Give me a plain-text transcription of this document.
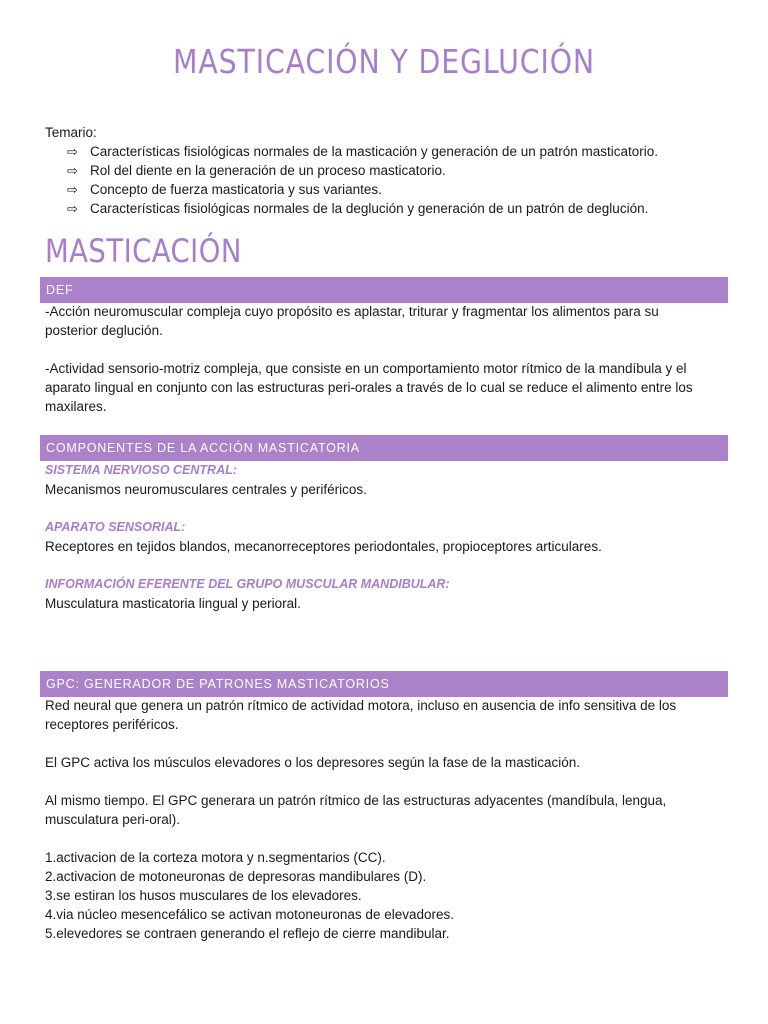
MASTICACIÓN Y DEGLUCIÓN
Temario:
⇨ Características fisiológicas normales de la masticación y generación de un patrón masticatorio.
⇨ Rol del diente en la generación de un proceso masticatorio.
⇨ Concepto de fuerza masticatoria y sus variantes.
⇨ Características fisiológicas normales de la deglución y generación de un patrón de deglución.
MASTICACIÓN
DEF

-Acción neuromuscular compleja cuyo propósito es aplastar, triturar y fragmentar los alimentos para su posterior deglución.

-Actividad sensorio-motriz compleja, que consiste en un comportamiento motor rítmico de la mandíbula y el aparato lingual en conjunto con las estructuras peri-orales a través de lo cual se reduce el alimento entre los maxilares.

COMPONENTES DE LA ACCIÓN MASTICATORIA

SISTEMA NERVIOSO CENTRAL:

Mecanismos neuromusculares centrales y periféricos.

APARATO SENSORIAL:

Receptores en tejidos blandos, mecanorreceptores periodontales, propioceptores articulares.

INFORMACIÓN EFERENTE DEL GRUPO MUSCULAR MANDIBULAR:

Musculatura masticatoria lingual y perioral.

GPC: GENERADOR DE PATRONES MASTICATORIOS

Red neural que genera un patrón rítmico de actividad motora, incluso en ausencia de info sensitiva de los receptores periféricos.

El GPC activa los músculos elevadores o los depresores según la fase de la masticación.

Al mismo tiempo. El GPC generara un patrón rítmico de las estructuras adyacentes (mandíbula, lengua, musculatura peri-oral).

1.activacion de la corteza motora y n.segmentarios (CC).

2.activacion de motoneuronas de depresoras mandibulares (D).

3.se estiran los husos musculares de los elevadores.

4.via núcleo mesencefálico se activan motoneuronas de elevadores.

5.elevedores se contraen generando el reflejo de cierre mandibular.
